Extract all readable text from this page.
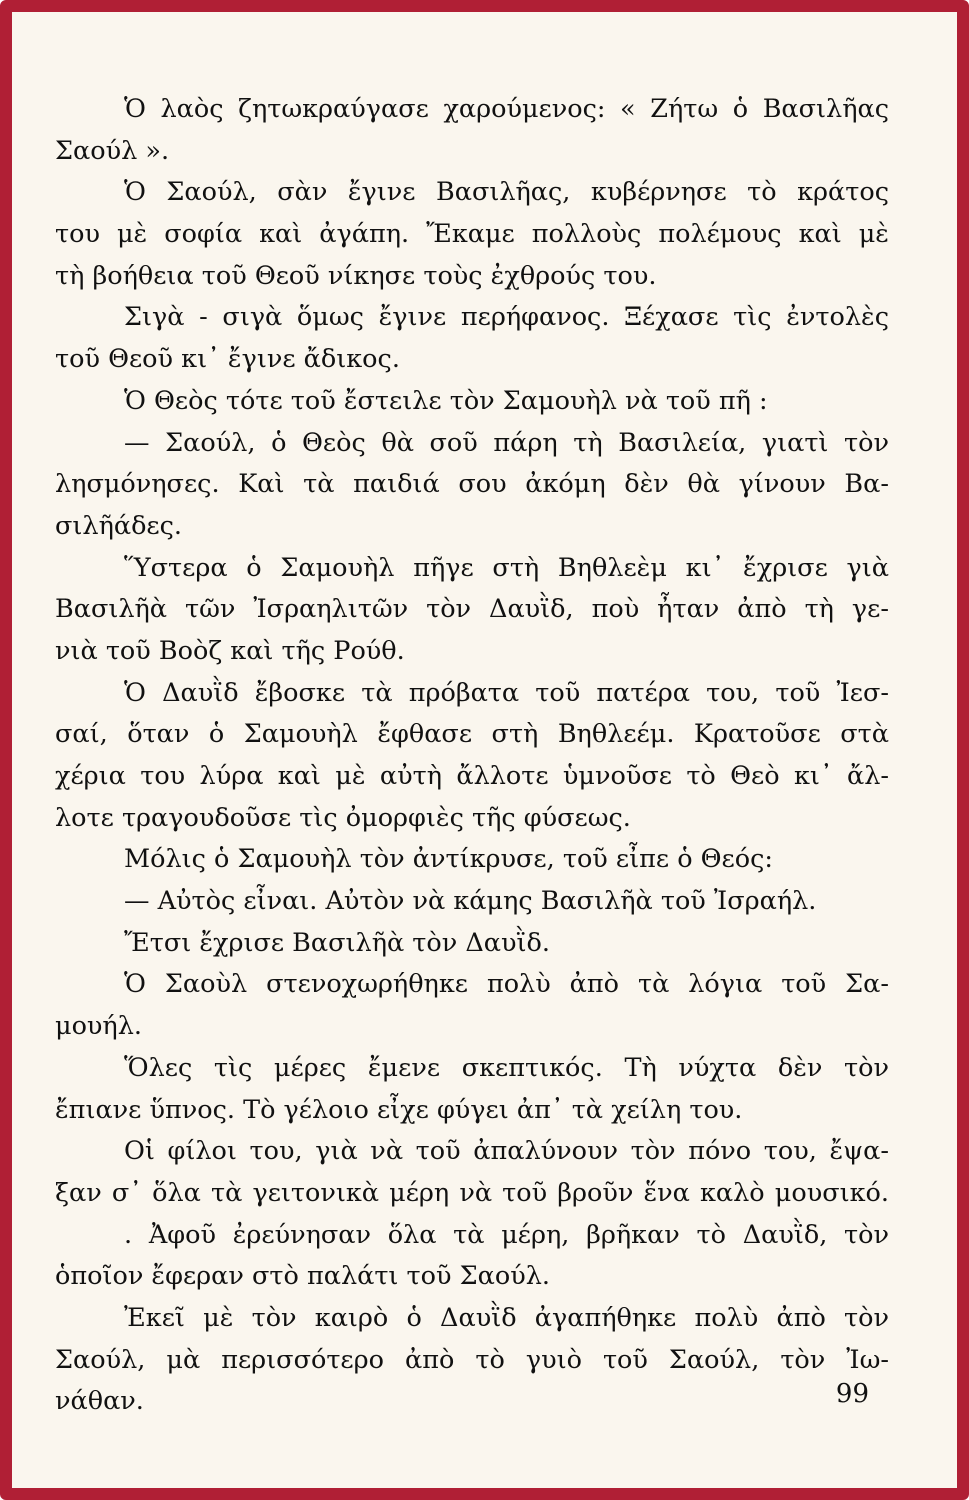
Ὁ λαὸς ζητωκραύγασε χαρούμενος: « Ζήτω ὁ Βασιλῆας
Σαούλ ».
Ὁ Σαούλ, σὰν ἔγινε Βασιλῆας, κυβέρνησε τὸ κράτος
του μὲ σοφία καὶ ἀγάπη. Ἔκαμε πολλοὺς πολέμους καὶ μὲ
τὴ βοήθεια τοῦ Θεοῦ νίκησε τοὺς ἐχθρούς του.
Σιγὰ - σιγὰ ὅμως ἔγινε περήφανος. Ξέχασε τὶς ἐντολὲς
τοῦ Θεοῦ κι᾽ ἔγινε ἄδικος.
Ὁ Θεὸς τότε τοῦ ἔστειλε τὸν Σαμουὴλ νὰ τοῦ πῆ :
— Σαούλ, ὁ Θεὸς θὰ σοῦ πάρη τὴ Βασιλεία, γιατὶ τὸν
λησμόνησες. Καὶ τὰ παιδιά σου ἀκόμη δὲν θὰ γίνουν Βα-
σιλῆάδες.
Ὕστερα ὁ Σαμουὴλ πῆγε στὴ Βηθλεὲμ κι᾽ ἔχρισε γιὰ
Βασιλῆὰ τῶν Ἰσραηλιτῶν τὸν Δαυῒδ, ποὺ ἦταν ἀπὸ τὴ γε-
νιὰ τοῦ Βοὸζ καὶ τῆς Ρούθ.
Ὁ Δαυῒδ ἔβοσκε τὰ πρόβατα τοῦ πατέρα του, τοῦ Ἰεσ-
σαί, ὅταν ὁ Σαμουὴλ ἔφθασε στὴ Βηθλεέμ. Κρατοῦσε στὰ
χέρια του λύρα καὶ μὲ αὐτὴ ἄλλοτε ὑμνοῦσε τὸ Θεὸ κι᾽ ἄλ-
λοτε τραγουδοῦσε τὶς ὀμορφιὲς τῆς φύσεως.
Μόλις ὁ Σαμουὴλ τὸν ἀντίκρυσε, τοῦ εἶπε ὁ Θεός:
— Αὐτὸς εἶναι. Αὐτὸν νὰ κάμης Βασιλῆὰ τοῦ Ἰσραήλ.
Ἔτσι ἔχρισε Βασιλῆὰ τὸν Δαυῒδ.
Ὁ Σαοὺλ στενοχωρήθηκε πολὺ ἀπὸ τὰ λόγια τοῦ Σα-
μουήλ.
Ὅλες τὶς μέρες ἔμενε σκεπτικός. Τὴ νύχτα δὲν τὸν
ἔπιανε ὕπνος. Τὸ γέλοιο εἶχε φύγει ἀπ᾽ τὰ χείλη του.
Οἱ φίλοι του, γιὰ νὰ τοῦ ἀπαλύνουν τὸν πόνο του, ἔψα-
ξαν σ᾽ ὅλα τὰ γειτονικὰ μέρη νὰ τοῦ βροῦν ἕνα καλὸ μουσικό.
. Ἀφοῦ ἐρεύνησαν ὅλα τὰ μέρη, βρῆκαν τὸ Δαυῒδ, τὸν
ὁποῖον ἔφεραν στὸ παλάτι τοῦ Σαούλ.
Ἐκεῖ μὲ τὸν καιρὸ ὁ Δαυῒδ ἀγαπήθηκε πολὺ ἀπὸ τὸν
Σαούλ, μὰ περισσότερο ἀπὸ τὸ γυιὸ τοῦ Σαούλ, τὸν Ἰω-
νάθαν.	99
